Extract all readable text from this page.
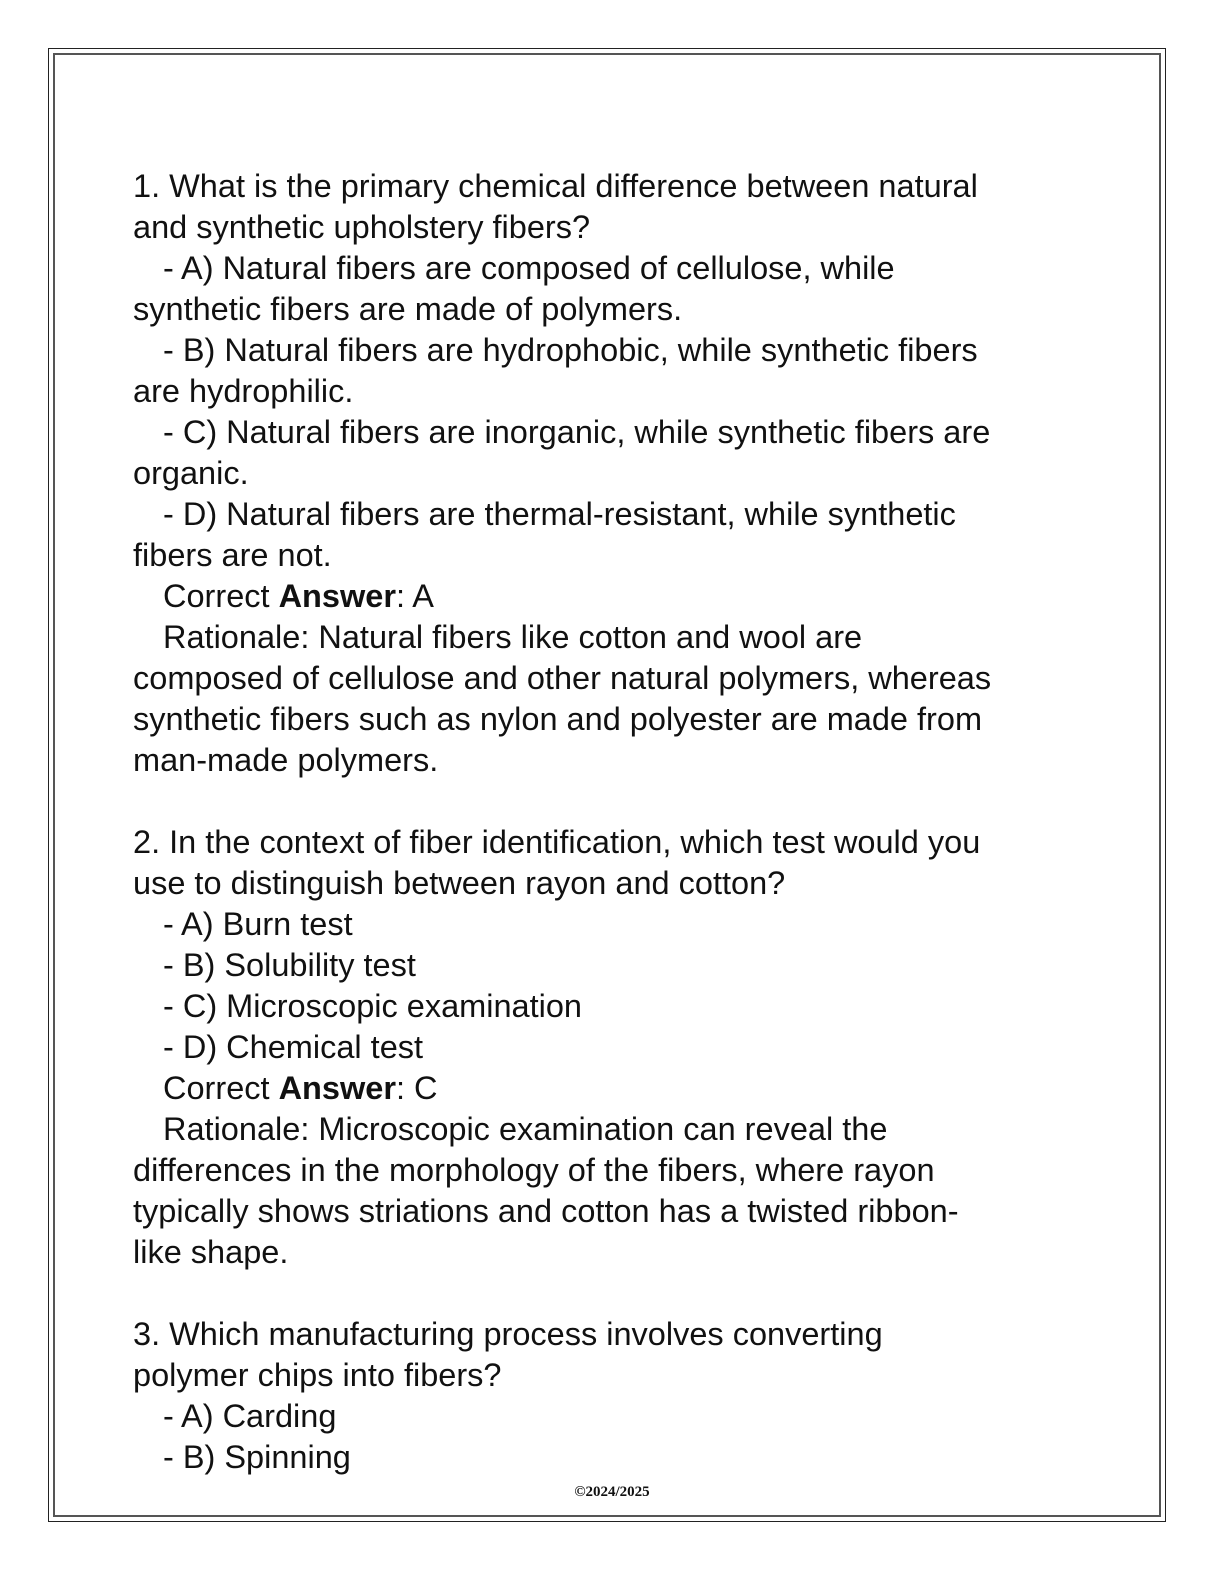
1. What is the primary chemical difference between natural
and synthetic upholstery fibers?
- A) Natural fibers are composed of cellulose, while
synthetic fibers are made of polymers.
- B) Natural fibers are hydrophobic, while synthetic fibers
are hydrophilic.
- C) Natural fibers are inorganic, while synthetic fibers are
organic.
- D) Natural fibers are thermal-resistant, while synthetic
fibers are not.
Correct Answer: A
Rationale: Natural fibers like cotton and wool are
composed of cellulose and other natural polymers, whereas
synthetic fibers such as nylon and polyester are made from
man-made polymers.
2. In the context of fiber identification, which test would you
use to distinguish between rayon and cotton?
- A) Burn test
- B) Solubility test
- C) Microscopic examination
- D) Chemical test
Correct Answer: C
Rationale: Microscopic examination can reveal the
differences in the morphology of the fibers, where rayon
typically shows striations and cotton has a twisted ribbon-
like shape.
3. Which manufacturing process involves converting
polymer chips into fibers?
- A) Carding
- B) Spinning
©2024/2025
